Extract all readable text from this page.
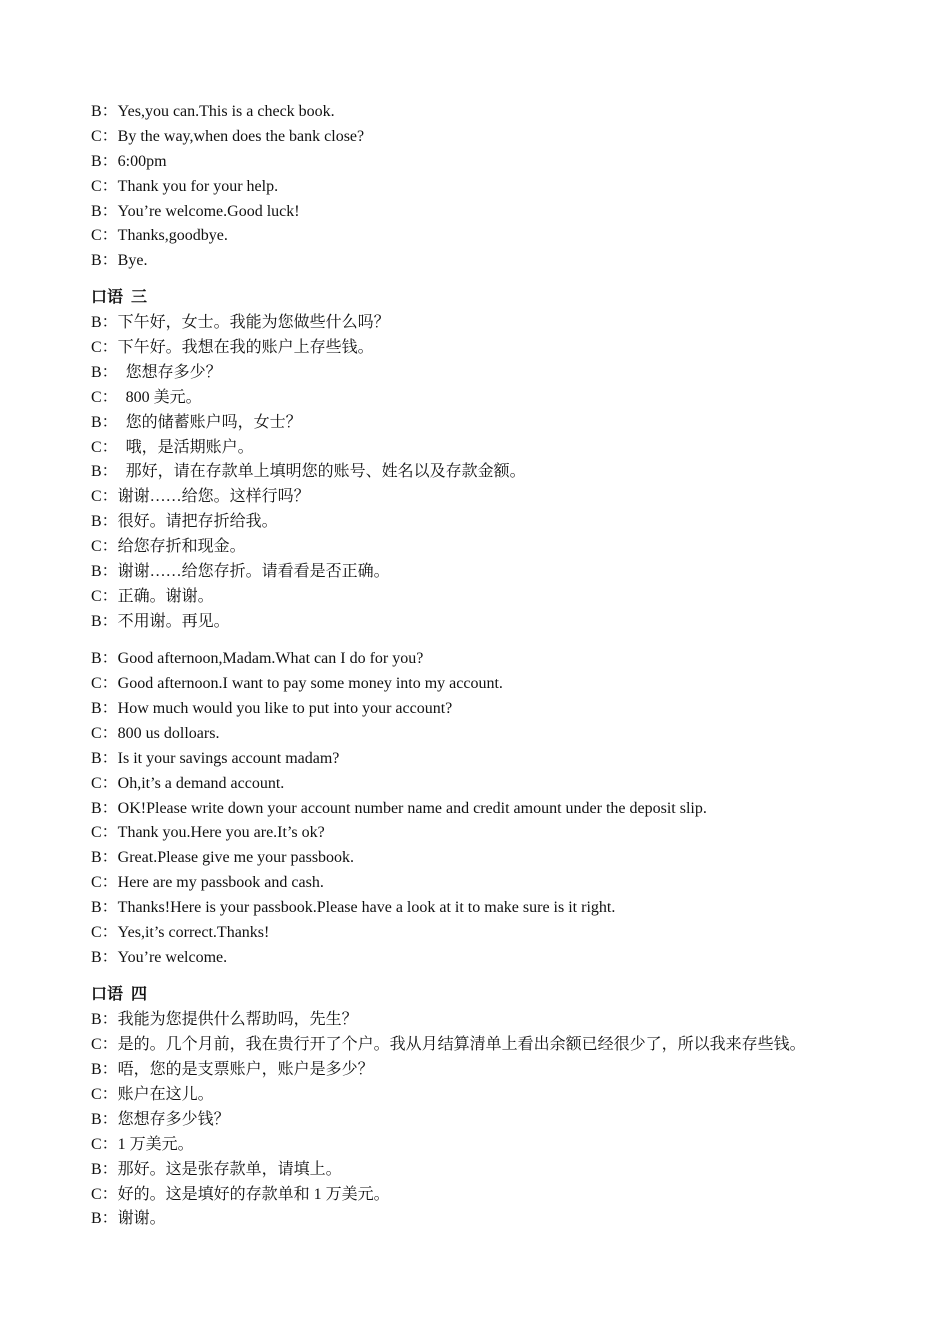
B：Yes,you can.This is a check book.
C：By the way,when does the bank close?
B：6:00pm
C：Thank you for your help.
B：You’re welcome.Good luck!
C：Thanks,goodbye.
B：Bye.
口语  三
B：下午好，女士。我能为您做些什么吗？
C：下午好。我想在我的账户上存些钱。
B：  您想存多少？
C：  800 美元。
B：  您的储蓄账户吗，女士？
C：  哦，是活期账户。
B：  那好，请在存款单上填明您的账号、姓名以及存款金额。
C：谢谢……给您。这样行吗？
B：很好。请把存折给我。
C：给您存折和现金。
B：谢谢……给您存折。请看看是否正确。
C：正确。谢谢。
B：不用谢。再见。
B：Good afternoon,Madam.What can I do for you?
C：Good afternoon.I want to pay some money into my account.
B：How much would you like to put into your account?
C：800 us dolloars.
B：Is it your savings account madam?
C：Oh,it’s a demand account.
B：OK!Please write down your account number name and credit amount under the deposit slip.
C：Thank you.Here you are.It’s ok?
B：Great.Please give me your passbook.
C：Here are my passbook and cash.
B：Thanks!Here is your passbook.Please have a look at it to make sure is it right.
C：Yes,it’s correct.Thanks!
B：You’re welcome.
口语  四
B：我能为您提供什么帮助吗，先生？
C：是的。几个月前，我在贵行开了个户。我从月结算清单上看出余额已经很少了，所以我来存些钱。
B：唔，您的是支票账户，账户是多少？
C：账户在这儿。
B：您想存多少钱？
C：1 万美元。
B：那好。这是张存款单，请填上。
C：好的。这是填好的存款单和 1 万美元。
B：谢谢。
